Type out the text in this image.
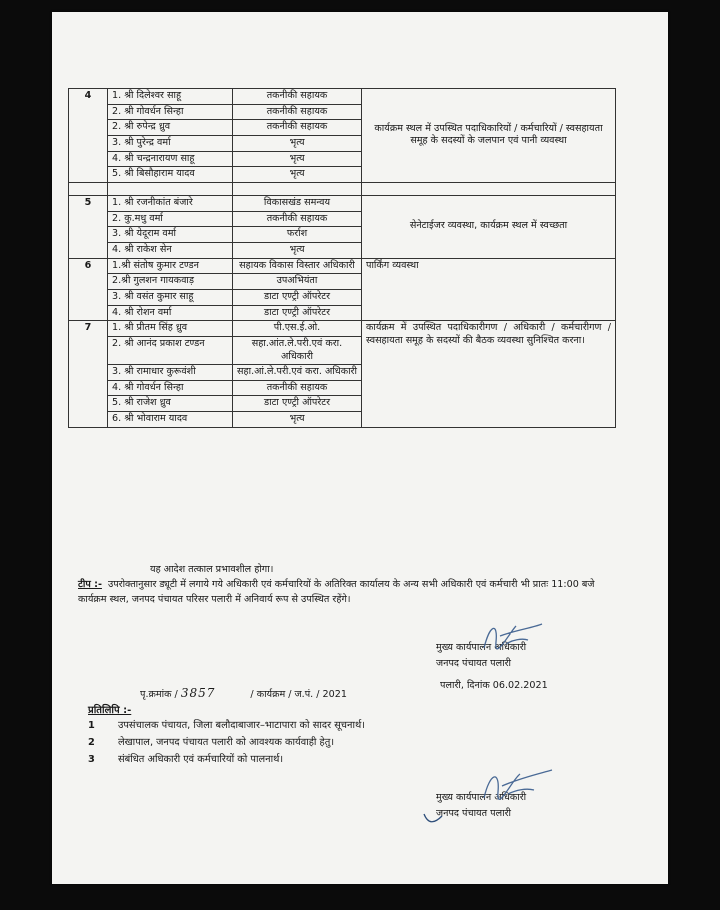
4	1. श्री दिलेश्वर साहू	तकनीकी सहायक	कार्यक्रम स्थल में उपस्थित पदाधिकारियों / कर्मचारियों / स्वसहायता समूह के सदस्यों के जलपान एवं पानी व्यवस्था
	2. श्री गोवर्धन सिन्हा	तकनीकी सहायक	
	2. श्री रुपेन्द्र ध्रुव	तकनीकी सहायक	
	3. श्री पुरेन्द्र वर्मा	भृत्य	
	4. श्री चन्द्रनारायण साहू	भृत्य	
	5. श्री बिसौहाराम यादव	भृत्य	

5	1. श्री रजनीकांत बंजारे	विकासखंड समन्वय	सेनेटाईजर व्यवस्था, कार्यक्रम स्थल में स्वच्छता
	2. कु.मधु वर्मा	तकनीकी सहायक	
	3. श्री येदूराम वर्मा	फर्राश	
	4. श्री राकेश सेन	भृत्य	
6	1.श्री संतोष कुमार टण्डन	सहायक विकास विस्तार अधिकारी	पार्किंग व्यवस्था
	2.श्री गुलशन गायकवाड़	उपअभियंता	
	3. श्री वसंत कुमार साहू	डाटा एण्ट्री ऑपरेटर	
	4. श्री रोशन वर्मा	डाटा एण्ट्री ऑपरेटर	
7	1. श्री प्रीतम सिंह ध्रुव	पी.एस.ई.ओ.	कार्यक्रम में उपस्थित पदाधिकारीगण / अधिकारी / कर्मचारीगण / स्वसहायता समूह के सदस्यों की बैठक व्यवस्था सुनिश्चित करना।
	2. श्री आनंद प्रकाश टण्डन	सहा.आंत.ले.परी.एवं करा. अधिकारी	
	3. श्री रामाधार कुरूवंशी	सहा.आं.ले.परी.एवं करा. अधिकारी	
	4. श्री गोवर्धन सिन्हा	तकनीकी सहायक	
	5. श्री राजेश ध्रुव	डाटा एण्ट्री ऑपरेटर	
	6. श्री भोवाराम यादव	भृत्य	
यह आदेश तत्काल प्रभावशील होगा।
टीप :- उपरोक्तानुसार ड्यूटी में लगाये गये अधिकारी एवं कर्मचारियों के अतिरिक्त कार्यालय के अन्य सभी अधिकारी एवं कर्मचारी भी प्रातः 11:00 बजे कार्यक्रम स्थल, जनपद पंचायत परिसर पलारी में अनिवार्य रूप से उपस्थित रहेंगे।
मुख्य कार्यपालन अधिकारी
जनपद पंचायत पलारी
पृ.क्रमांक / 3857	/ कार्यक्रम / ज.पं. / 2021
पलारी, दिनांक 06.02.2021
प्रतिलिपि :-
1 उपसंचालक पंचायत, जिला बलौदाबाजार–भाटापारा को सादर सूचनार्थ।
2 लेखापाल, जनपद पंचायत पलारी को आवश्यक कार्यवाही हेतु।
3 संबंधित अधिकारी एवं कर्मचारियों को पालनार्थ।
मुख्य कार्यपालन अधिकारी
जनपद पंचायत पलारी
